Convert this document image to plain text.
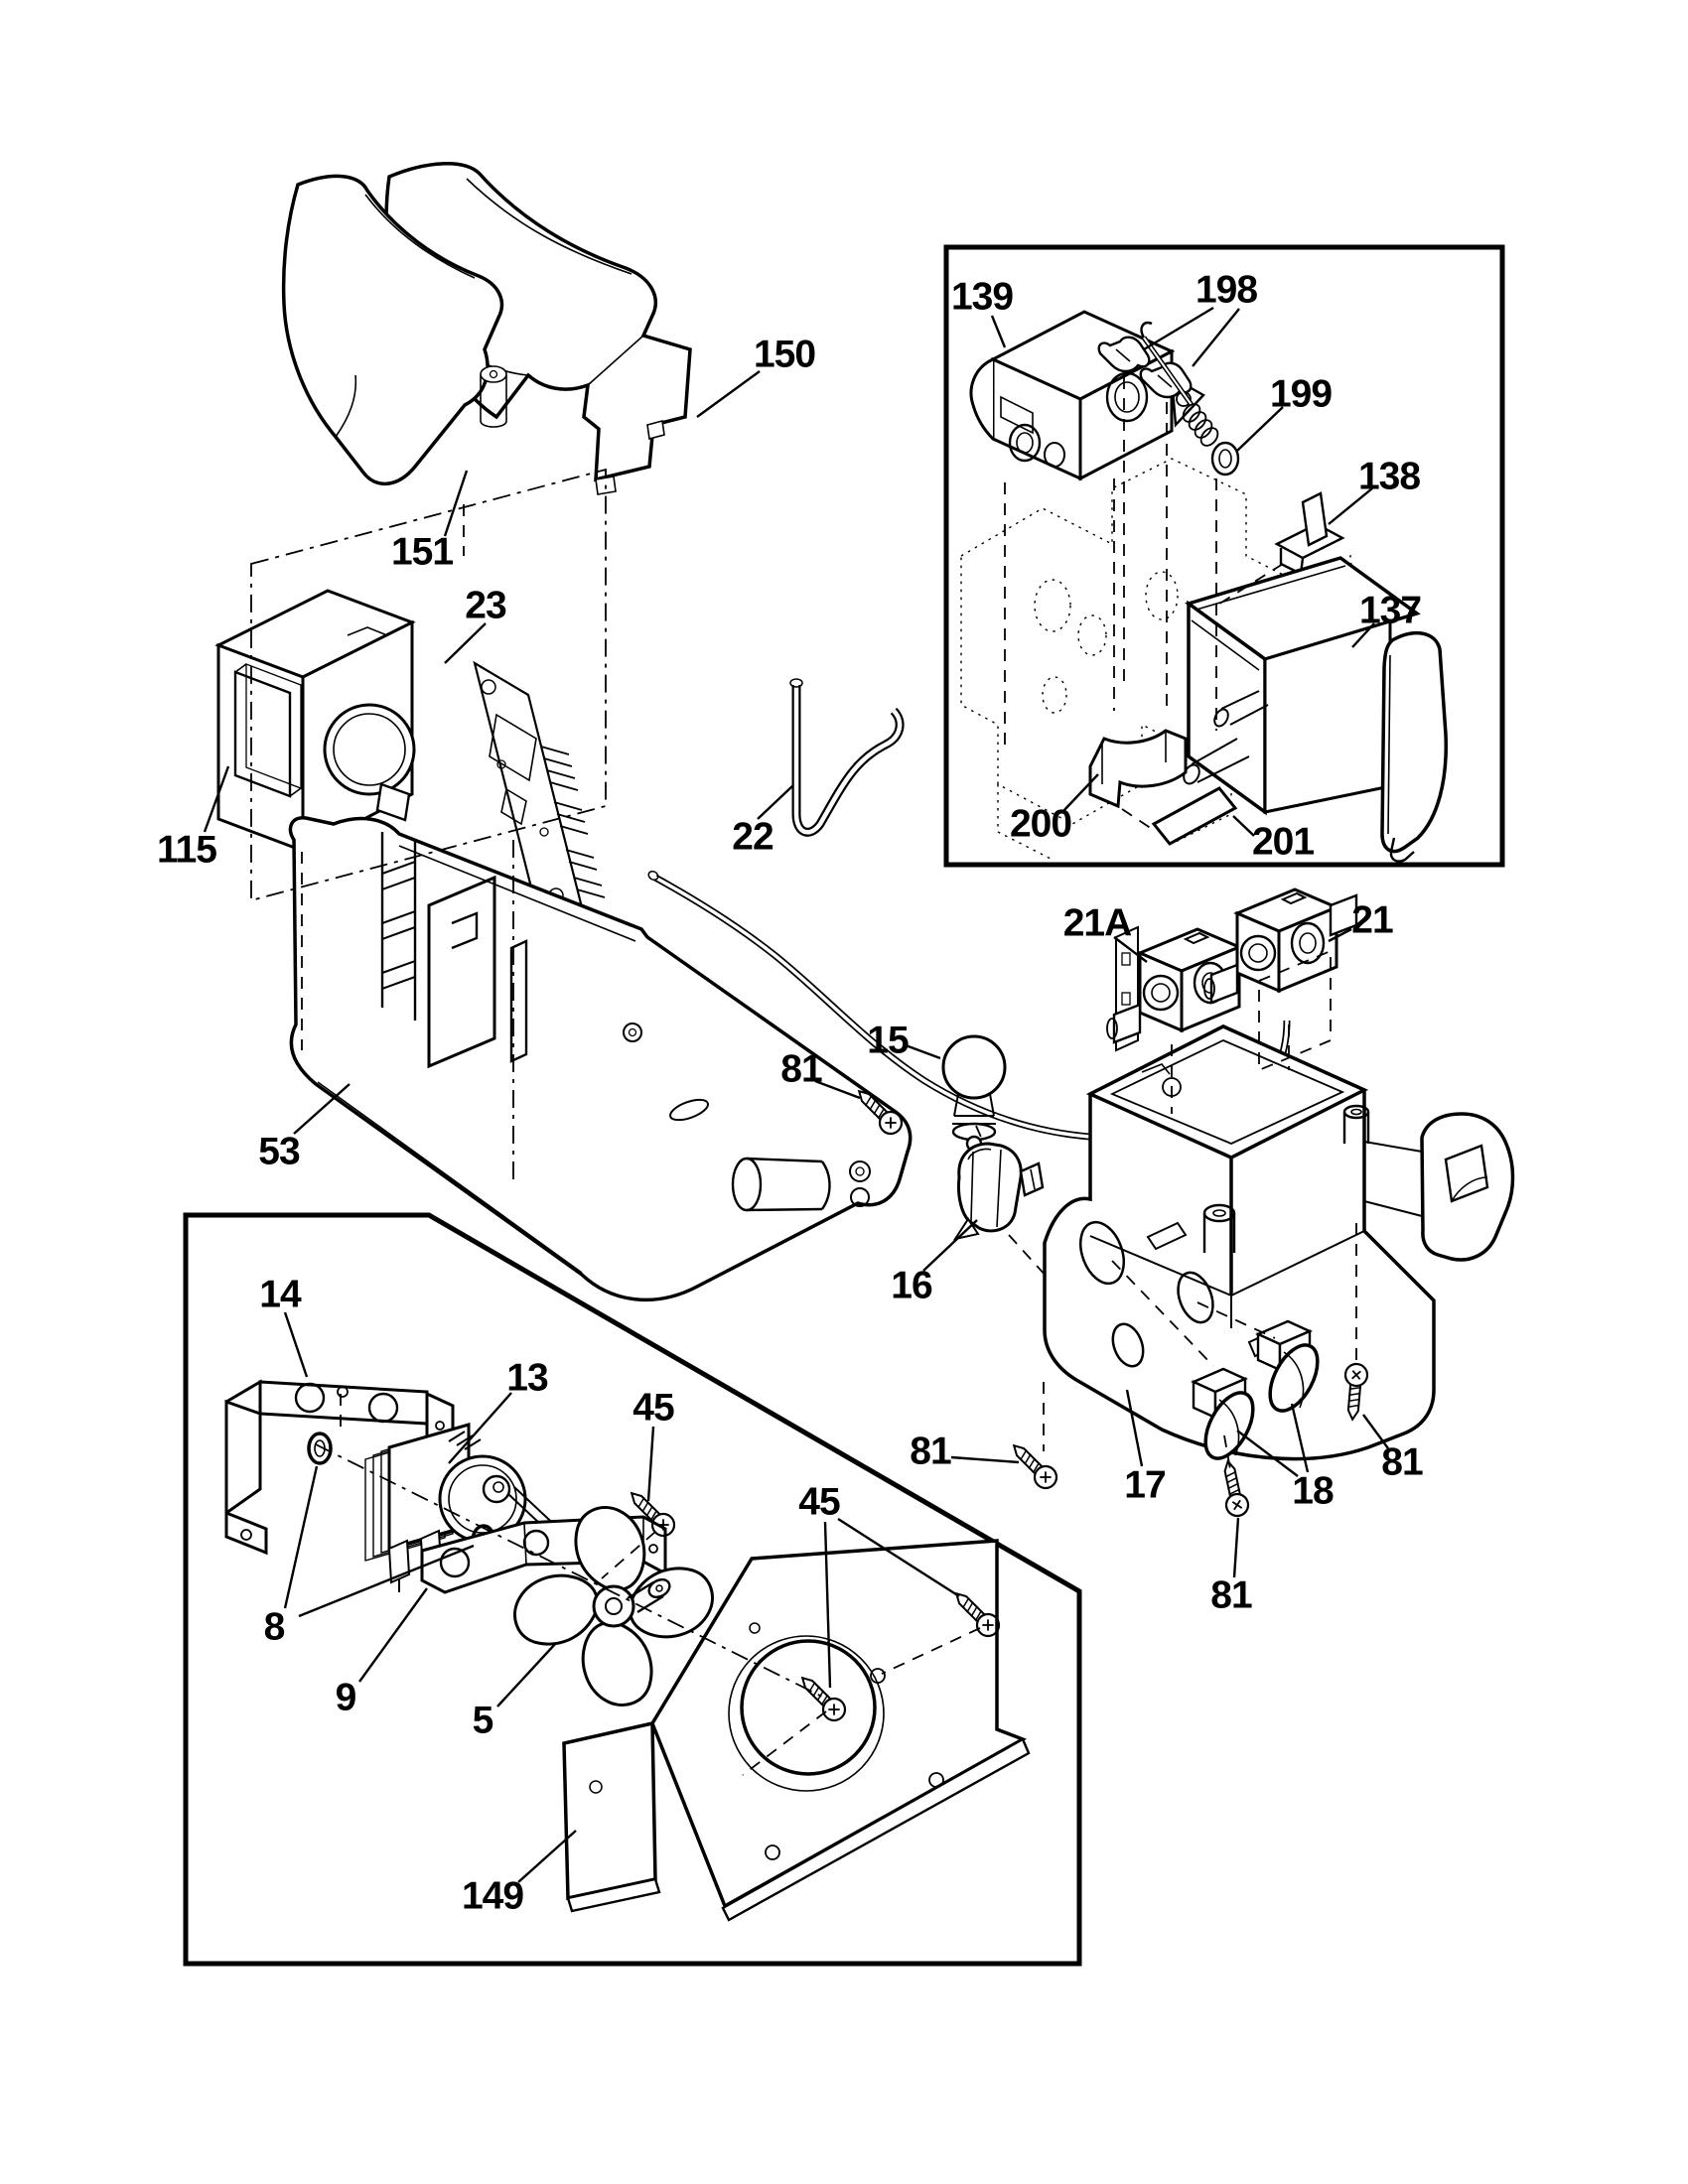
150
151
23
115	22
53
139	198
199
138
137
200	201
21A	21
15
81
16
17	18
81
81
81
14
13
45
45
8
9
5
149
